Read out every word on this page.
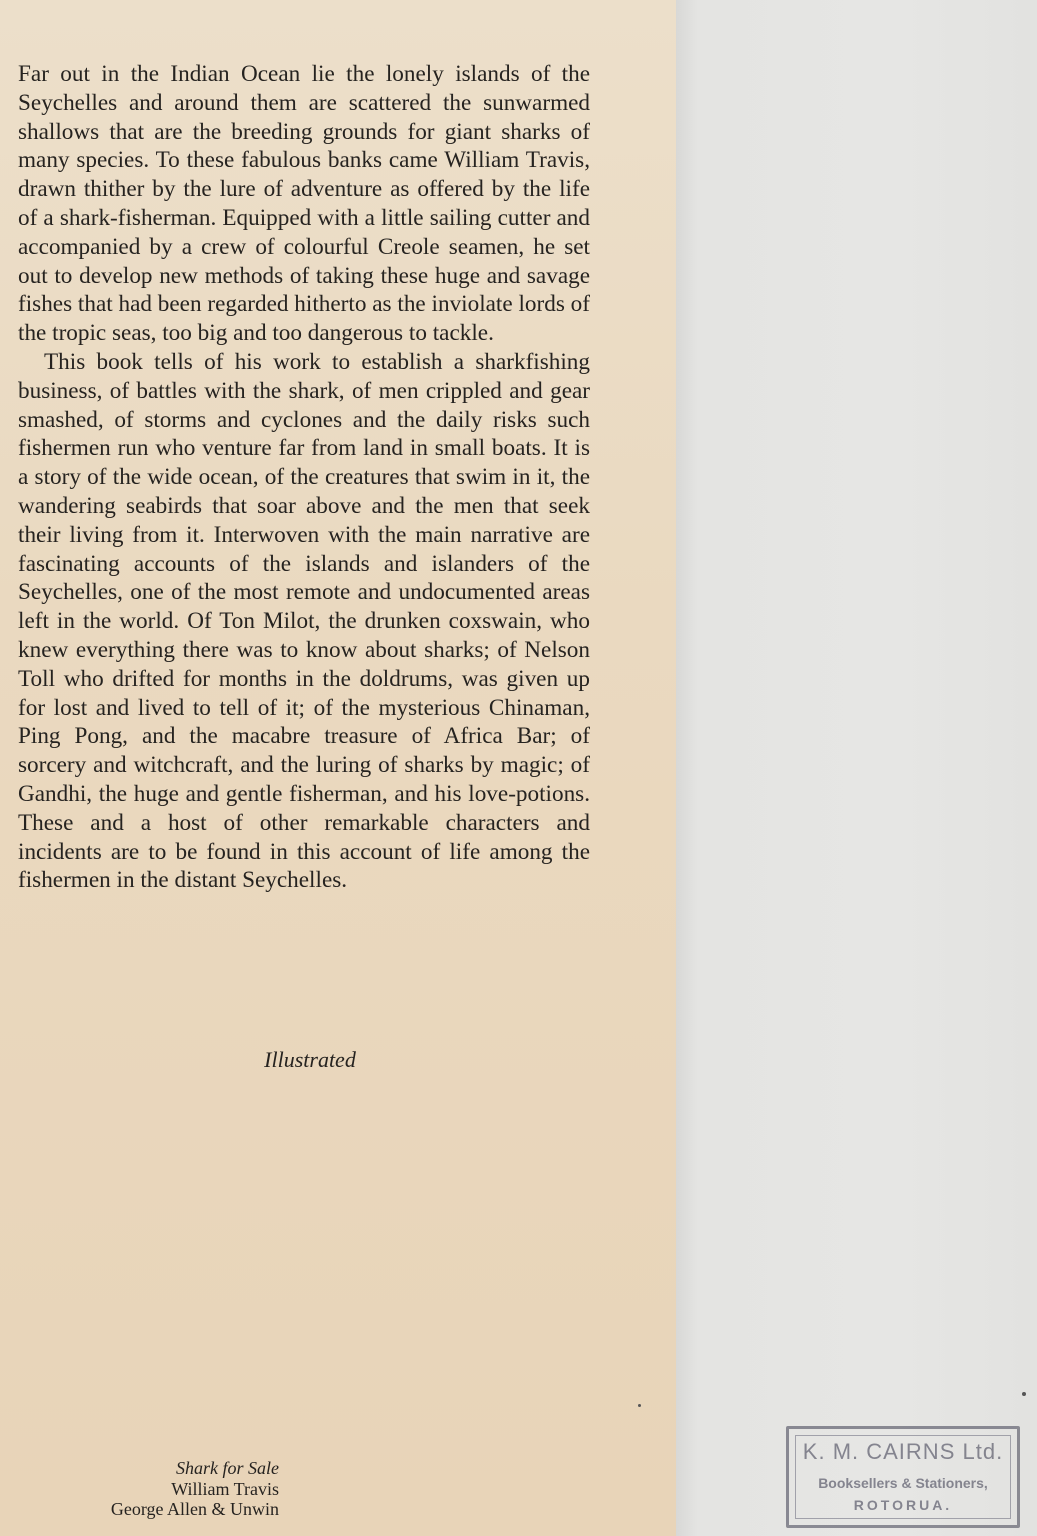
Far out in the Indian Ocean lie the lonely islands of the Seychelles and around them are scattered the sunwarmed shallows that are the breeding grounds for giant sharks of many species. To these fabulous banks came William Travis, drawn thither by the lure of adventure as offered by the life of a shark-fisherman. Equipped with a little sailing cutter and accompanied by a crew of colourful Creole seamen, he set out to develop new methods of taking these huge and savage fishes that had been regarded hitherto as the inviolate lords of the tropic seas, too big and too dangerous to tackle.

This book tells of his work to establish a sharkfishing business, of battles with the shark, of men crippled and gear smashed, of storms and cyclones and the daily risks such fishermen run who venture far from land in small boats. It is a story of the wide ocean, of the creatures that swim in it, the wandering seabirds that soar above and the men that seek their living from it. Interwoven with the main narrative are fascinating accounts of the islands and islanders of the Seychelles, one of the most remote and undocumented areas left in the world. Of Ton Milot, the drunken coxswain, who knew everything there was to know about sharks; of Nelson Toll who drifted for months in the doldrums, was given up for lost and lived to tell of it; of the mysterious Chinaman, Ping Pong, and the macabre treasure of Africa Bar; of sorcery and witchcraft, and the luring of sharks by magic; of Gandhi, the huge and gentle fisherman, and his love-potions. These and a host of other remarkable characters and incidents are to be found in this account of life among the fishermen in the distant Seychelles.

Illustrated
Shark for Sale
William Travis
George Allen & Unwin
K. M. CAIRNS Ltd.
Booksellers & Stationers,
ROTORUA.
